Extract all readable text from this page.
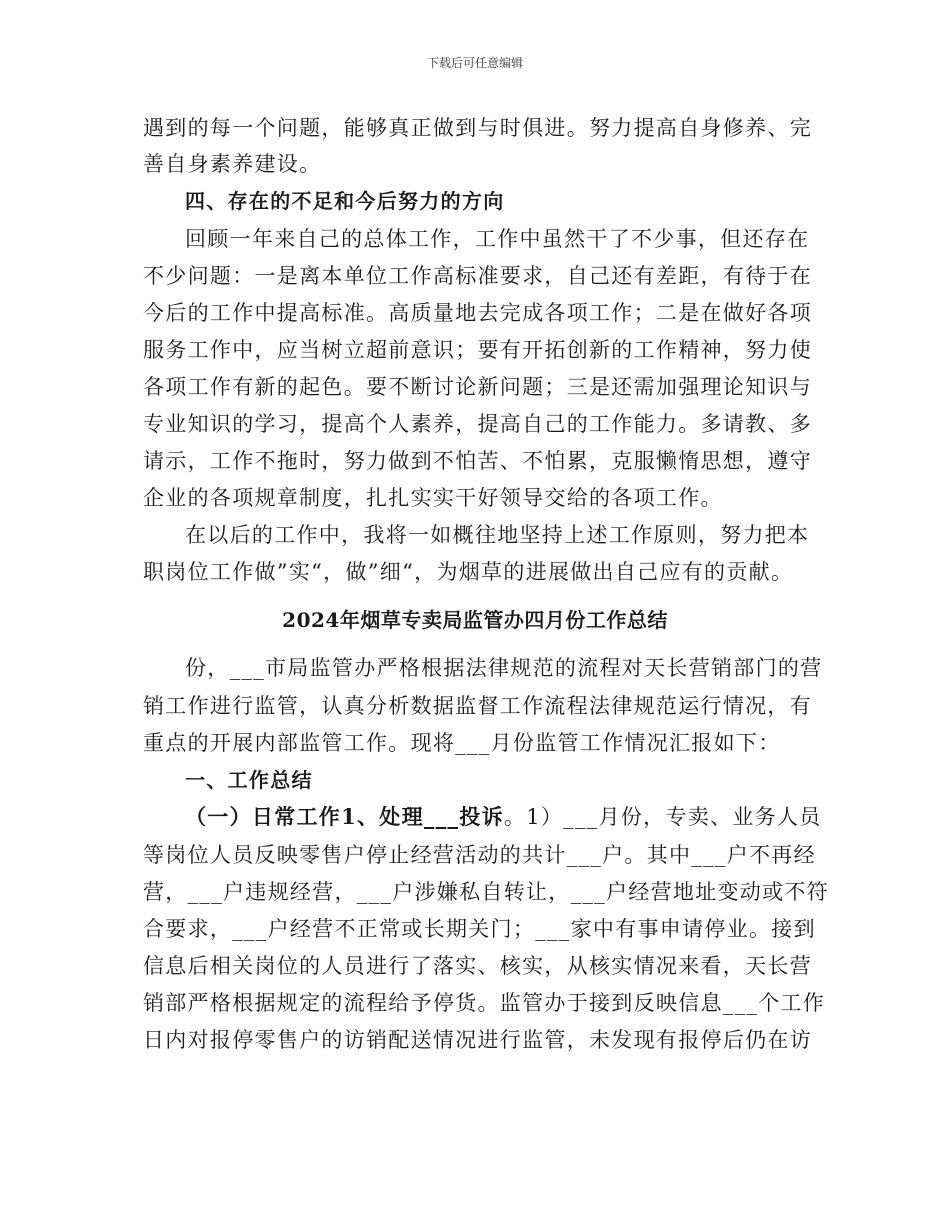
下载后可任意编辑
遇到的每一个问题，能够真正做到与时俱进。努力提高自身修养、完
善自身素养建设。
四、存在的不足和今后努力的方向
回顾一年来自己的总体工作，工作中虽然干了不少事，但还存在
不少问题：一是离本单位工作高标准要求，自己还有差距，有待于在
今后的工作中提高标准。高质量地去完成各项工作；二是在做好各项
服务工作中，应当树立超前意识；要有开拓创新的工作精神，努力使
各项工作有新的起色。要不断讨论新问题；三是还需加强理论知识与
专业知识的学习，提高个人素养，提高自己的工作能力。多请教、多
请示，工作不拖时，努力做到不怕苦、不怕累，克服懒惰思想，遵守
企业的各项规章制度，扎扎实实干好领导交给的各项工作。
在以后的工作中，我将一如概往地坚持上述工作原则，努力把本
职岗位工作做”实“，做”细“，为烟草的进展做出自己应有的贡献。
2024年烟草专卖局监管办四月份工作总结
份，___市局监管办严格根据法律规范的流程对天长营销部门的营
销工作进行监管，认真分析数据监督工作流程法律规范运行情况，有
重点的开展内部监管工作。现将___月份监管工作情况汇报如下：
一、工作总结
（一）日常工作1、处理___投诉。1）___月份，专卖、业务人员
等岗位人员反映零售户停止经营活动的共计___户。其中___户不再经
营，___户违规经营，___户涉嫌私自转让，___户经营地址变动或不符
合要求，___户经营不正常或长期关门；___家中有事申请停业。接到
信息后相关岗位的人员进行了落实、核实，从核实情况来看，天长营
销部严格根据规定的流程给予停货。监管办于接到反映信息___个工作
日内对报停零售户的访销配送情况进行监管，未发现有报停后仍在访
